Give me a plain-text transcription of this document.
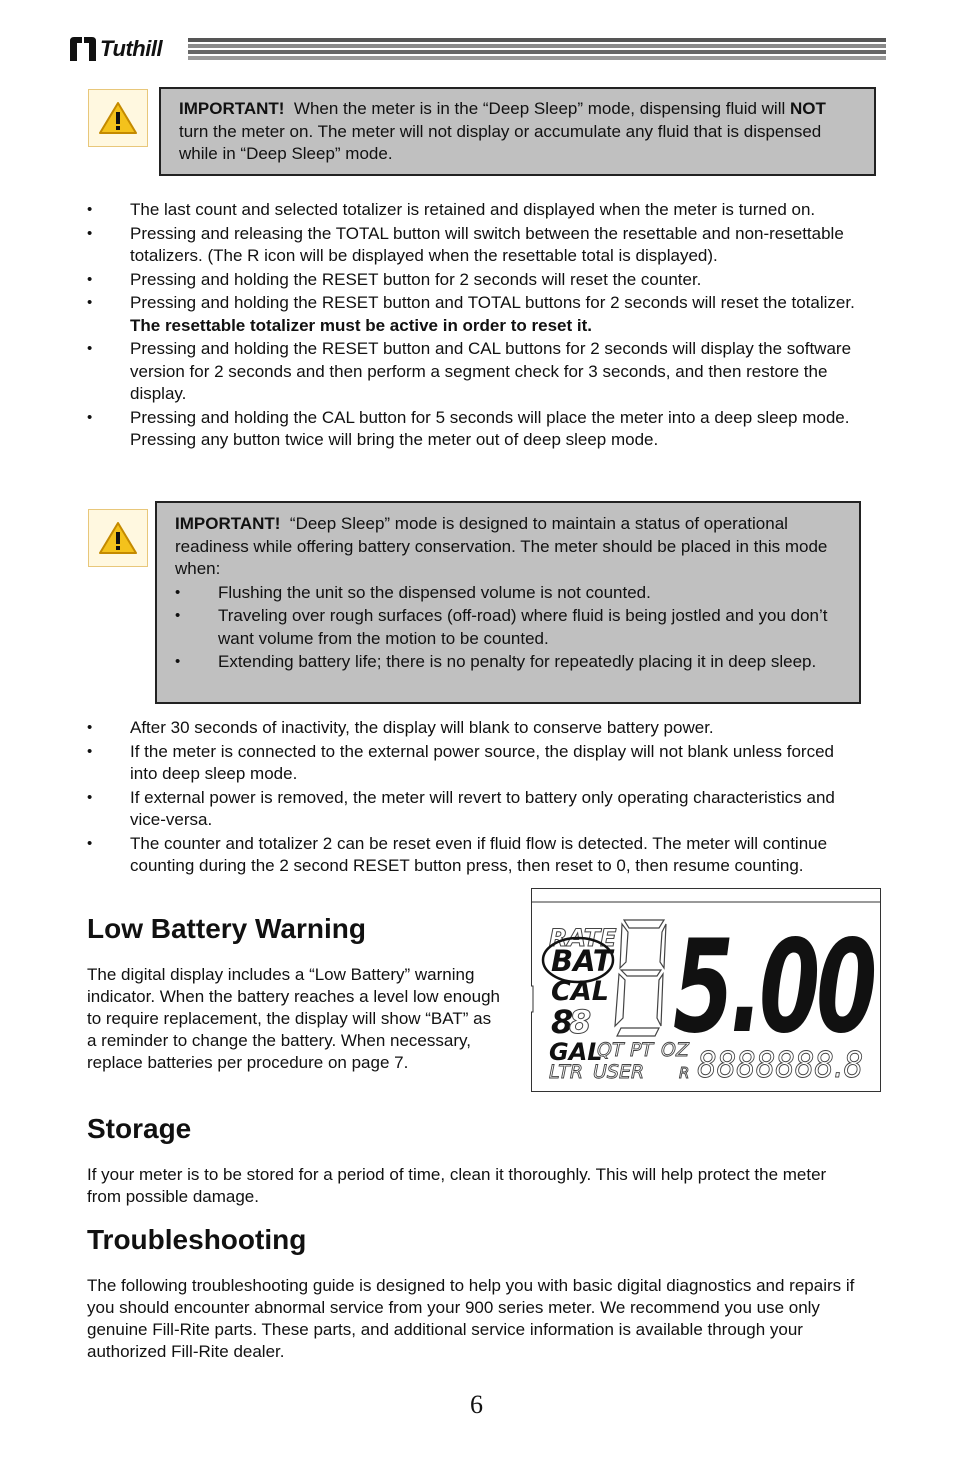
Tuthill
IMPORTANT! When the meter is in the “Deep Sleep” mode, dispensing fluid will NOT turn the meter on. The meter will not display or accumulate any fluid that is dispensed while in “Deep Sleep” mode.
• The last count and selected totalizer is retained and displayed when the meter is turned on.
• Pressing and releasing the TOTAL button will switch between the resettable and non-resettable totalizers. (The R icon will be displayed when the resettable total is displayed).
• Pressing and holding the RESET button for 2 seconds will reset the counter.
• Pressing and holding the RESET button and TOTAL buttons for 2 seconds will reset the totalizer. The resettable totalizer must be active in order to reset it.
• Pressing and holding the RESET button and CAL buttons for 2 seconds will display the software version for 2 seconds and then perform a segment check for 3 seconds, and then restore the display.
• Pressing and holding the CAL button for 5 seconds will place the meter into a deep sleep mode. Pressing any button twice will bring the meter out of deep sleep mode.
IMPORTANT! “Deep Sleep” mode is designed to maintain a status of operational readiness while offering battery conservation. The meter should be placed in this mode when:
• Flushing the unit so the dispensed volume is not counted.
• Traveling over rough surfaces (off-road) where fluid is being jostled and you don’t want volume from the motion to be counted.
• Extending battery life; there is no penalty for repeatedly placing it in deep sleep.
• After 30 seconds of inactivity, the display will blank to conserve battery power.
• If the meter is connected to the external power source, the display will not blank unless forced into deep sleep mode.
• If external power is removed, the meter will revert to battery only operating characteristics and vice-versa.
• The counter and totalizer 2 can be reset even if fluid flow is detected. The meter will continue counting during the 2 second RESET button press, then reset to 0, then resume counting.
Low Battery Warning

The digital display includes a “Low Battery” warning indicator. When the battery reaches a level low enough to require replacement, the display will show “BAT” as a reminder to change the battery. When necessary, replace batteries per procedure on page 7.

RATE
BAT
CAL
8
8 5.00
GAL
QT PT OZ
LTR USER R 8888888.8
Storage

If your meter is to be stored for a period of time, clean it thoroughly. This will help protect the meter from possible damage.

Troubleshooting

The following troubleshooting guide is designed to help you with basic digital diagnostics and repairs if you should encounter abnormal service from your 900 series meter. We recommend you use only genuine Fill-Rite parts. These parts, and additional service information is available through your authorized Fill-Rite dealer.

6
